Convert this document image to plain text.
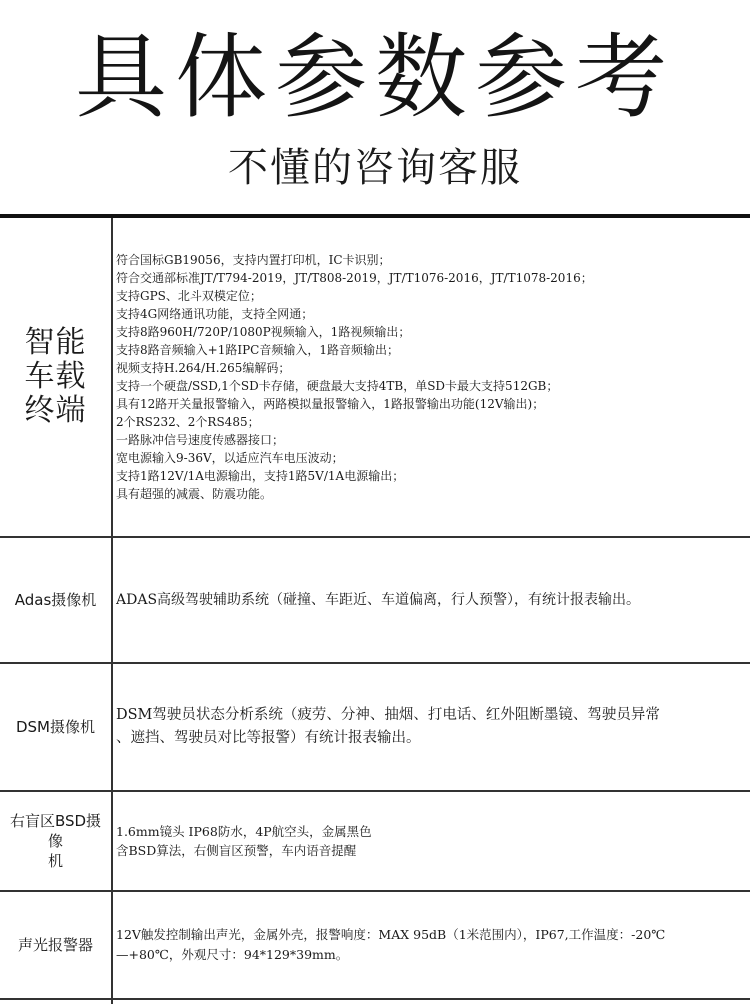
具体参数参考
不懂的咨询客服
智能
车载
终端
符合国标GB19056，支持内置打印机，IC卡识别；
符合交通部标准JT/T794-2019，JT/T808-2019，JT/T1076-2016，JT/T1078-2016；
支持GPS、北斗双模定位；
支持4G网络通讯功能，支持全网通；
支持8路960H/720P/1080P视频输入，1路视频输出；
支持8路音频输入+1路IPC音频输入，1路音频输出；
视频支持H.264/H.265编解码；
支持一个硬盘/SSD,1个SD卡存储，硬盘最大支持4TB，单SD卡最大支持512GB；
具有12路开关量报警输入，两路模拟量报警输入，1路报警输出功能(12V输出)；
2个RS232、2个RS485；
一路脉冲信号速度传感器接口；
宽电源输入9-36V，以适应汽车电压波动；
支持1路12V/1A电源输出，支持1路5V/1A电源输出；
具有超强的减震、防震功能。
Adas摄像机	ADAS高级驾驶辅助系统（碰撞、车距近、车道偏离，行人预警），有统计报表输出。
DSM摄像机
DSM驾驶员状态分析系统（疲劳、分神、抽烟、打电话、红外阻断墨镜、驾驶员异常
、遮挡、驾驶员对比等报警）有统计报表输出。
右盲区BSD摄像
机
1.6mm镜头 IP68防水，4P航空头，金属黑色
含BSD算法，右侧盲区预警，车内语音提醒
声光报警器
12V触发控制输出声光，金属外壳，报警响度：MAX 95dB（1米范围内），IP67,工作温度：-20℃
—+80℃，外观尺寸：94*129*39mm。
